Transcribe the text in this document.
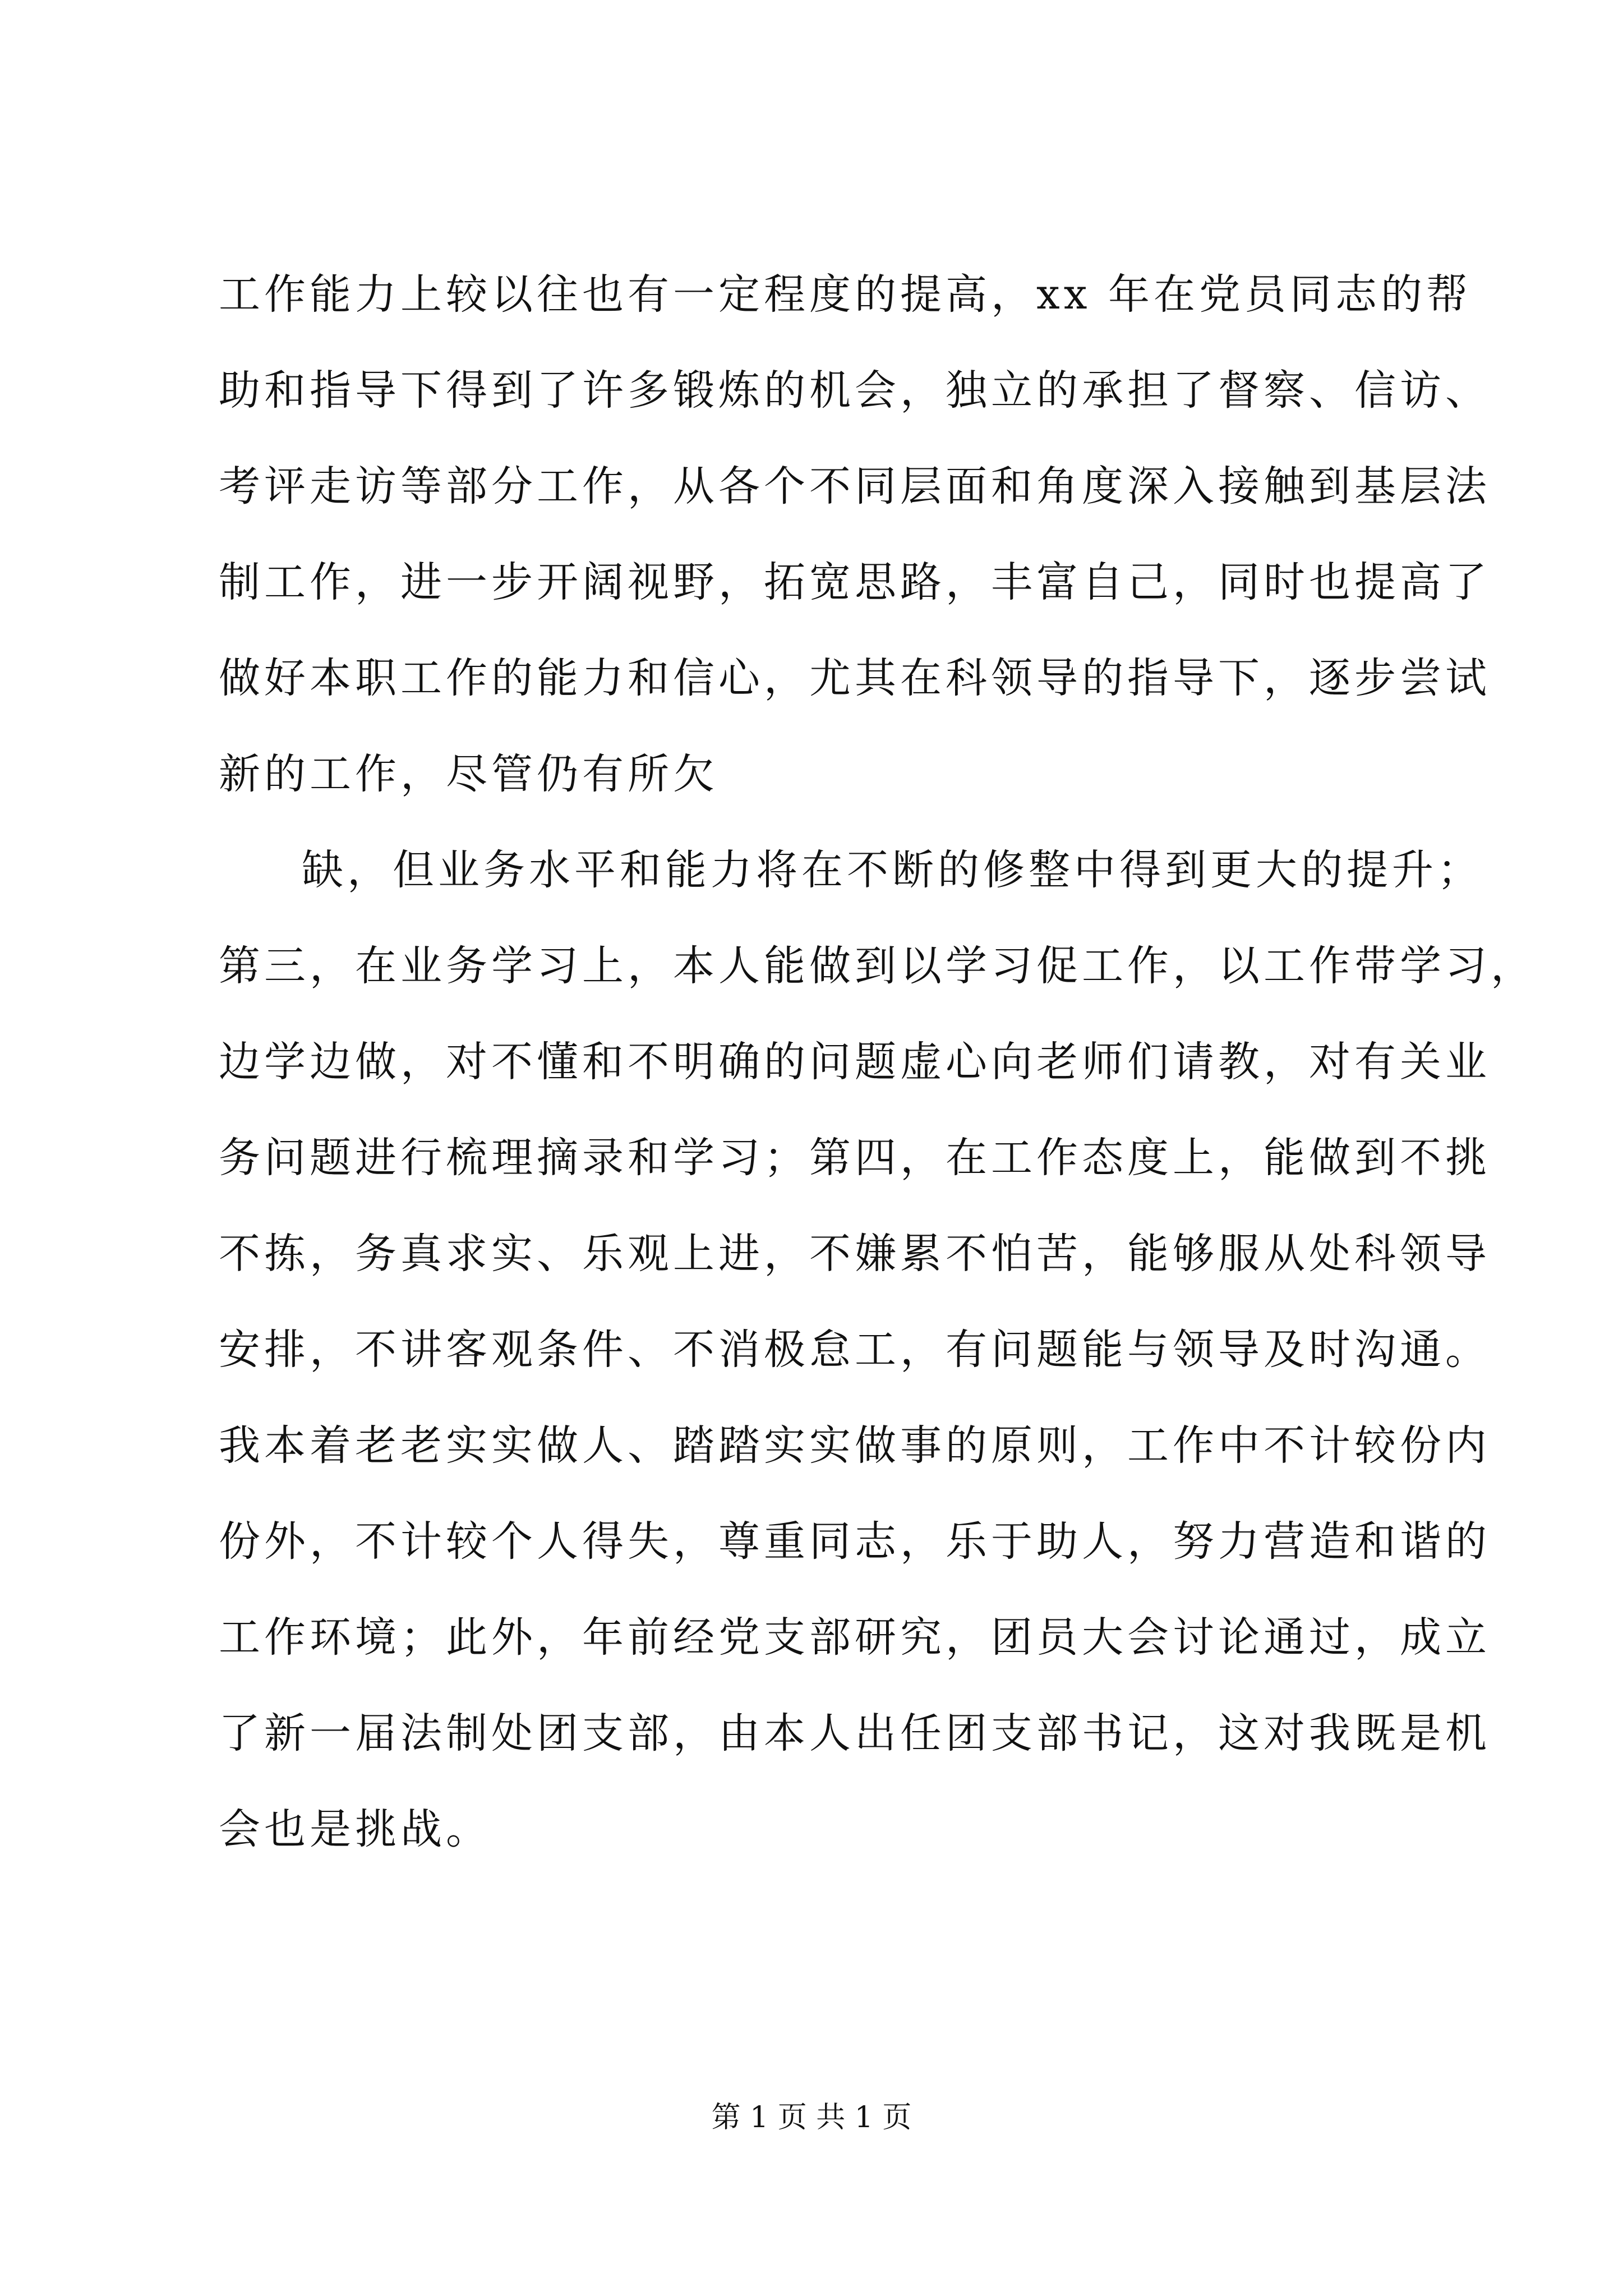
工作能力上较以往也有一定程度的提高，xx 年在党员同志的帮
助和指导下得到了许多锻炼的机会，独立的承担了督察、信访、
考评走访等部分工作，从各个不同层面和角度深入接触到基层法
制工作，进一步开阔视野，拓宽思路，丰富自己，同时也提高了
做好本职工作的能力和信心，尤其在科领导的指导下，逐步尝试
新的工作，尽管仍有所欠
缺，但业务水平和能力将在不断的修整中得到更大的提升；
第三，在业务学习上，本人能做到以学习促工作，以工作带学习，
边学边做，对不懂和不明确的问题虚心向老师们请教，对有关业
务问题进行梳理摘录和学习；第四，在工作态度上，能做到不挑
不拣，务真求实、乐观上进，不嫌累不怕苦，能够服从处科领导
安排，不讲客观条件、不消极怠工，有问题能与领导及时沟通。
我本着老老实实做人、踏踏实实做事的原则，工作中不计较份内
份外，不计较个人得失，尊重同志，乐于助人，努力营造和谐的
工作环境；此外，年前经党支部研究，团员大会讨论通过，成立
了新一届法制处团支部，由本人出任团支部书记，这对我既是机
会也是挑战。
第 1 页 共 1 页
